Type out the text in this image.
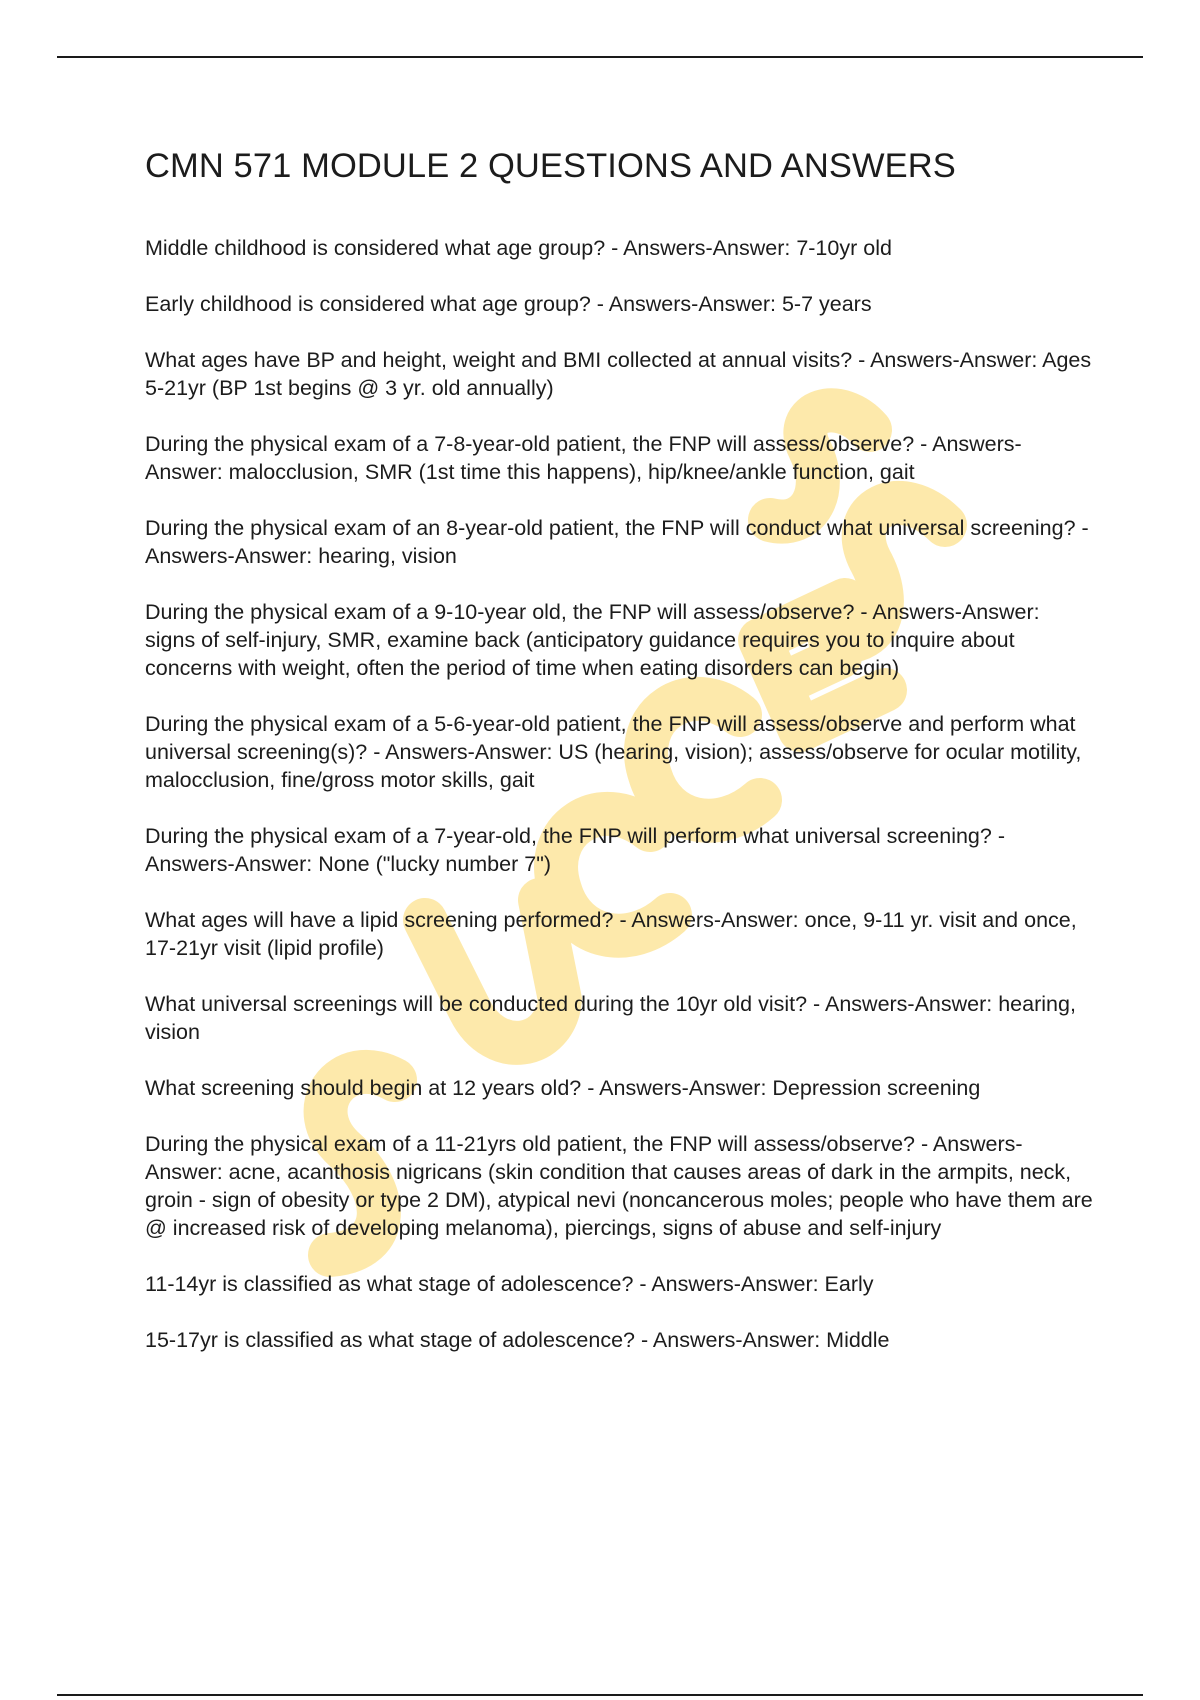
CMN 571 MODULE 2 QUESTIONS AND ANSWERS
Middle childhood is considered what age group? - Answers-Answer: 7-10yr old
Early childhood is considered what age group? - Answers-Answer: 5-7 years
What ages have BP and height, weight and BMI collected at annual visits? - Answers-Answer: Ages 5-21yr (BP 1st begins @ 3 yr. old annually)
During the physical exam of a 7-8-year-old patient, the FNP will assess/observe? - Answers-Answer: malocclusion, SMR (1st time this happens), hip/knee/ankle function, gait
During the physical exam of an 8-year-old patient, the FNP will conduct what universal screening? - Answers-Answer: hearing, vision
During the physical exam of a 9-10-year old, the FNP will assess/observe? - Answers-Answer: signs of self-injury, SMR, examine back (anticipatory guidance requires you to inquire about concerns with weight, often the period of time when eating disorders can begin)
During the physical exam of a 5-6-year-old patient, the FNP will assess/observe and perform what universal screening(s)? - Answers-Answer: US (hearing, vision); assess/observe for ocular motility, malocclusion, fine/gross motor skills, gait
During the physical exam of a 7-year-old, the FNP will perform what universal screening? - Answers-Answer: None ("lucky number 7")
What ages will have a lipid screening performed? - Answers-Answer: once, 9-11 yr. visit and once, 17-21yr visit (lipid profile)
What universal screenings will be conducted during the 10yr old visit? - Answers-Answer: hearing, vision
What screening should begin at 12 years old? - Answers-Answer: Depression screening
During the physical exam of a 11-21yrs old patient, the FNP will assess/observe? - Answers-Answer: acne, acanthosis nigricans (skin condition that causes areas of dark in the armpits, neck, groin - sign of obesity or type 2 DM), atypical nevi (noncancerous moles; people who have them are @ increased risk of developing melanoma), piercings, signs of abuse and self-injury
11-14yr is classified as what stage of adolescence? - Answers-Answer: Early
15-17yr is classified as what stage of adolescence? - Answers-Answer: Middle
